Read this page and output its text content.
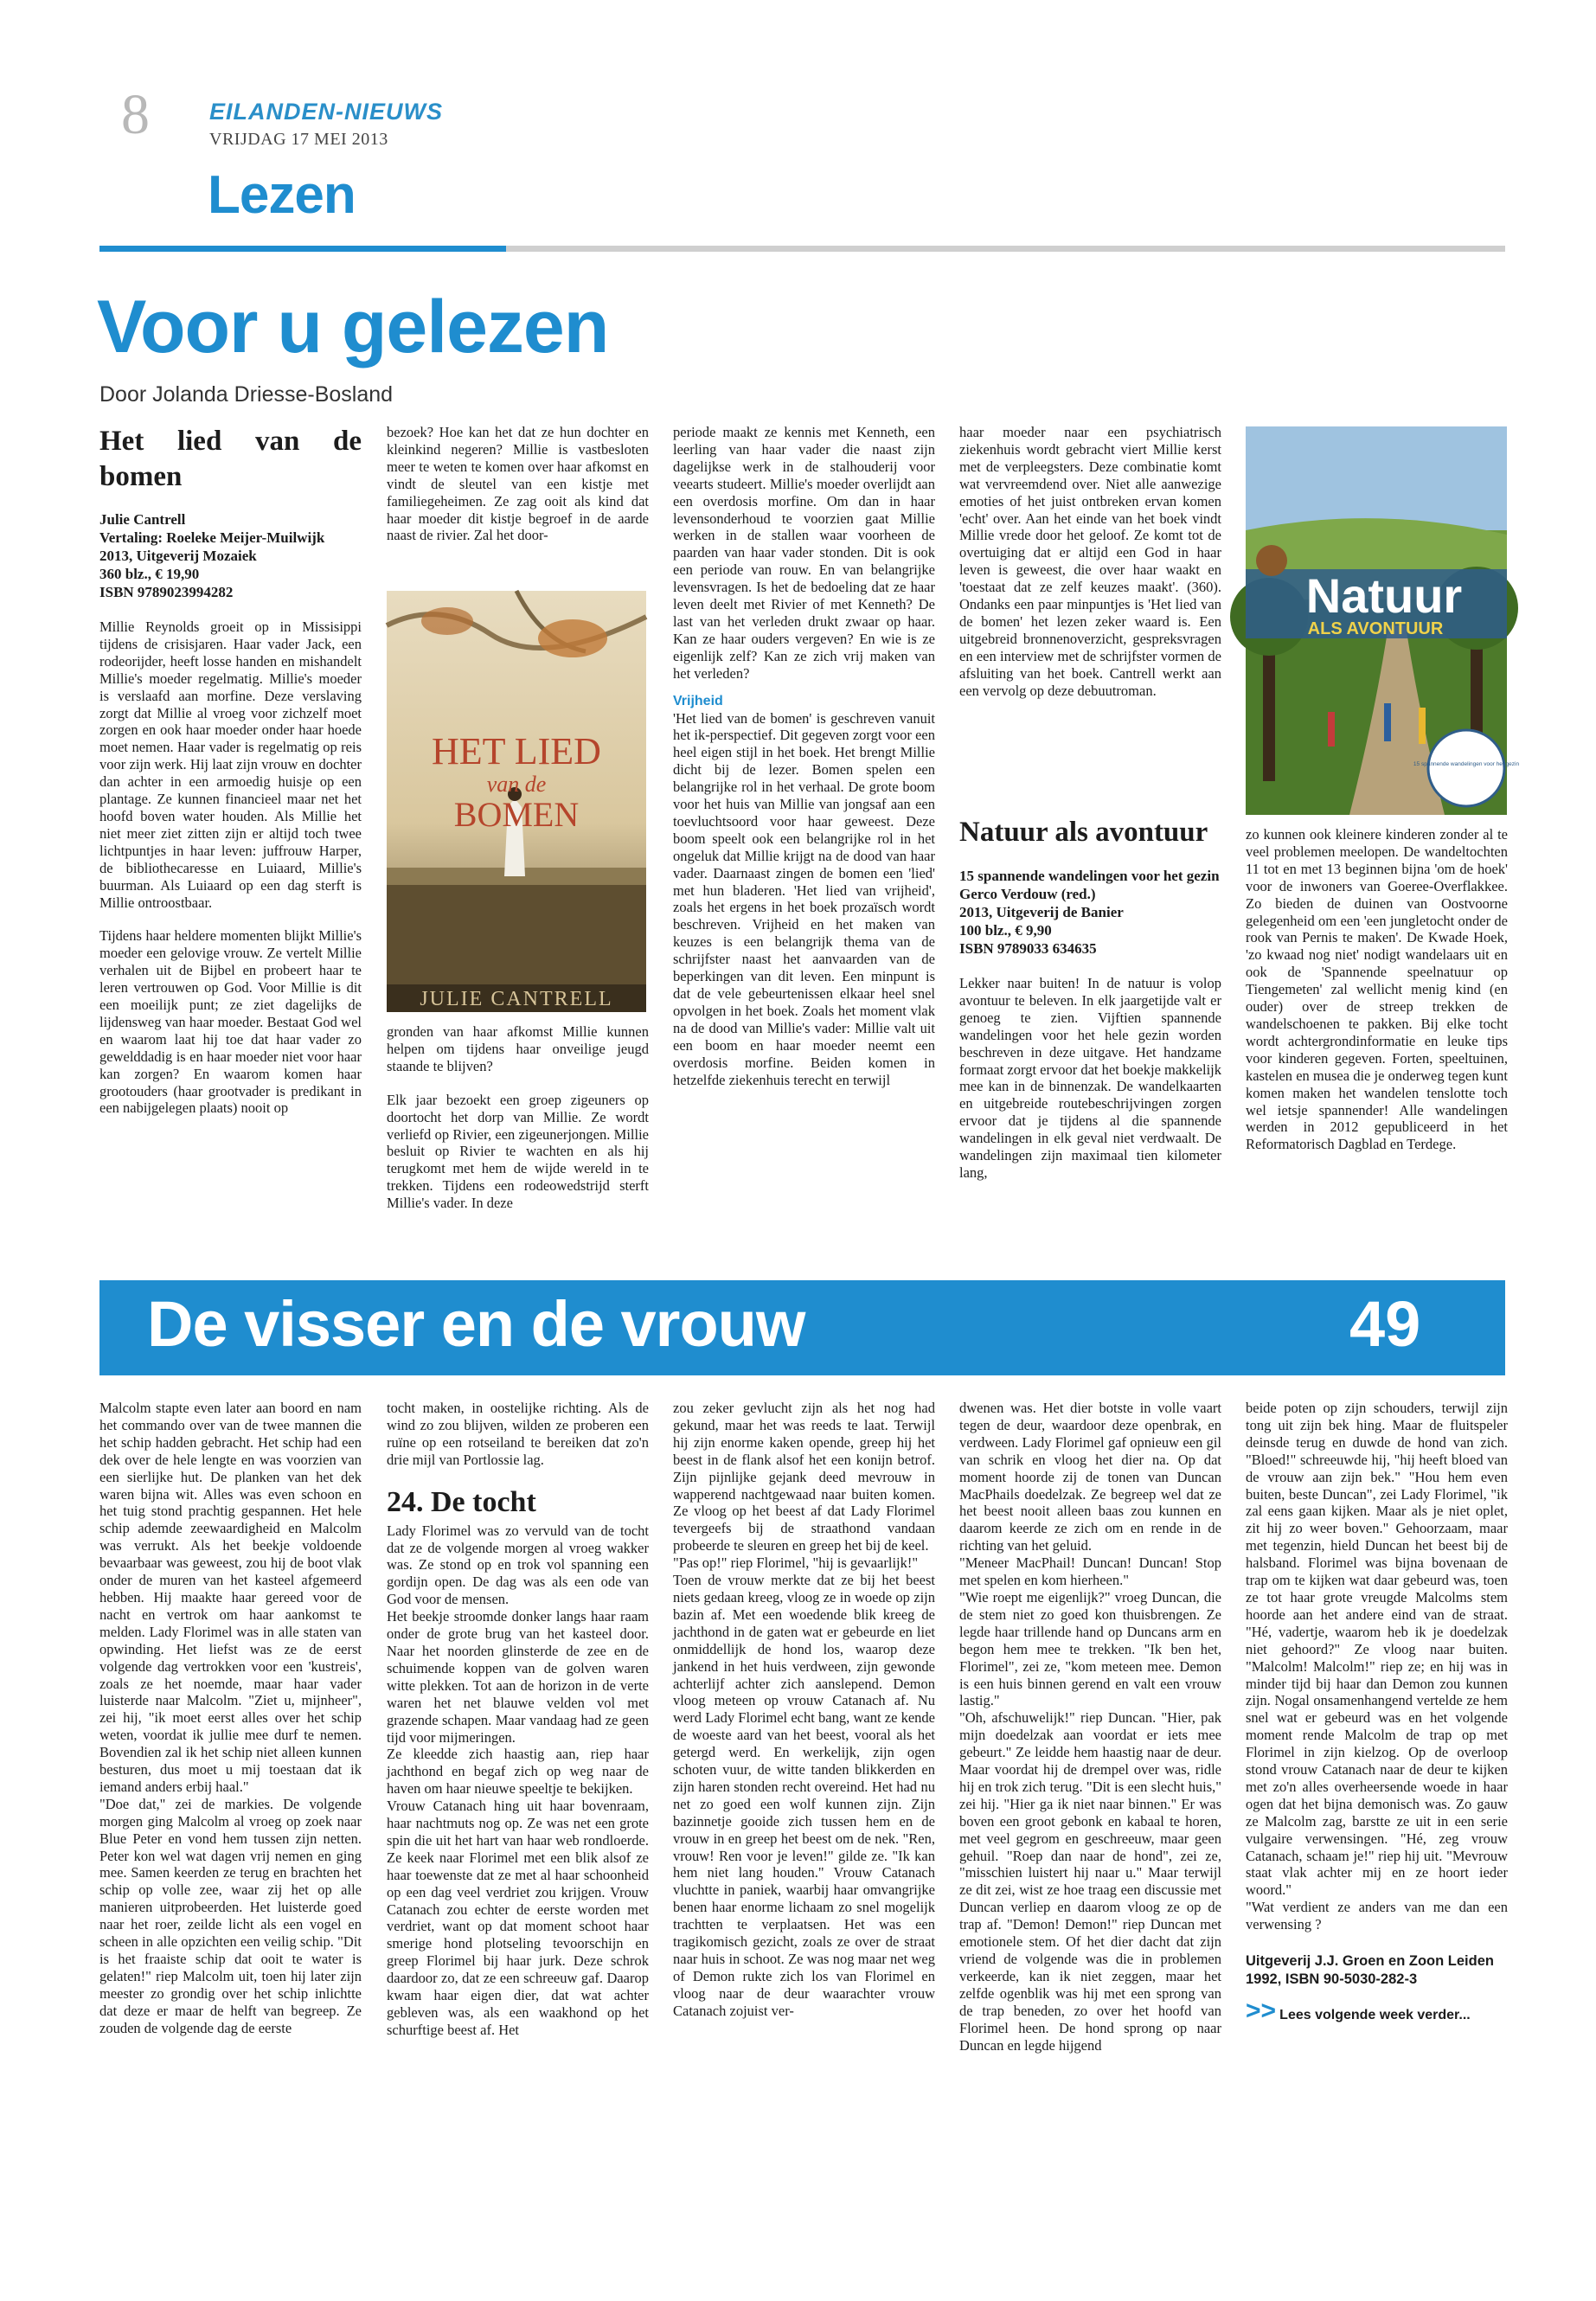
8	EILANDEN-NIEUWS
VRIJDAG 17 MEI 2013
Lezen
Voor u gelezen
Door Jolanda Driesse-Bosland
Het lied van de bomen
Julie Cantrell
Vertaling: Roeleke Meijer-Muilwijk
2013, Uitgeverij Mozaiek
360 blz., € 19,90
ISBN 9789023994282

Millie Reynolds groeit op in Missisippi tijdens de crisisjaren. Haar vader Jack, een rodeorijder, heeft losse handen en mishandelt Millie's moeder regelmatig. Millie's moeder is verslaafd aan morfine. Deze verslaving zorgt dat Millie al vroeg voor zichzelf moet zorgen en ook haar moeder onder haar hoede moet nemen. Haar vader is regelmatig op reis voor zijn werk. Hij laat zijn vrouw en dochter dan achter in een armoedig huisje op een plantage. Ze kunnen financieel maar net het hoofd boven water houden. Als Millie het niet meer ziet zitten zijn er altijd toch twee lichtpuntjes in haar leven: juffrouw Harper, de bibliothecaresse en Luiaard, Millie's buurman. Als Luiaard op een dag sterft is Millie ontroostbaar.

Tijdens haar heldere momenten blijkt Millie's moeder een gelovige vrouw. Ze vertelt Millie verhalen uit de Bijbel en probeert haar te leren vertrouwen op God. Voor Millie is dit een moeilijk punt; ze ziet dagelijks de lijdensweg van haar moeder. Bestaat God wel en waarom laat hij toe dat haar vader zo gewelddadig is en haar moeder niet voor haar kan zorgen? En waarom komen haar grootouders (haar grootvader is predikant in een nabijgelegen plaats) nooit op

bezoek? Hoe kan het dat ze hun dochter en kleinkind negeren? Millie is vastbesloten meer te weten te komen over haar afkomst en vindt de sleutel van een kistje met familiegeheimen. Ze zag ooit als kind dat haar moeder dit kistje begroef in de aarde naast de rivier. Zal het door-

HET LIED
van de
BOMEN
JULIE CANTRELL

gronden van haar afkomst Millie kunnen helpen om tijdens haar onveilige jeugd staande te blijven?

Elk jaar bezoekt een groep zigeuners op doortocht het dorp van Millie. Ze wordt verliefd op Rivier, een zigeunerjongen. Millie besluit op Rivier te wachten en als hij terugkomt met hem de wijde wereld in te trekken. Tijdens een rodeowedstrijd sterft Millie's vader. In deze

periode maakt ze kennis met Kenneth, een leerling van haar vader die naast zijn dagelijkse werk in de stalhouderij voor veearts studeert. Millie's moeder overlijdt aan een overdosis morfine. Om dan in haar levensonderhoud te voorzien gaat Millie werken in de stallen waar voorheen de paarden van haar vader stonden. Dit is ook een periode van rouw. En van belangrijke levensvragen. Is het de bedoeling dat ze haar leven deelt met Rivier of met Kenneth? De last van het verleden drukt zwaar op haar. Kan ze haar ouders vergeven? En wie is ze eigenlijk zelf? Kan ze zich vrij maken van het verleden?

Vrijheid

'Het lied van de bomen' is geschreven vanuit het ik-perspectief. Dit gegeven zorgt voor een heel eigen stijl in het boek. Het brengt Millie dicht bij de lezer. Bomen spelen een belangrijke rol in het verhaal. De grote boom voor het huis van Millie van jongsaf aan een toevluchtsoord voor haar geweest. Deze boom speelt ook een belangrijke rol in het ongeluk dat Millie krijgt na de dood van haar vader. Daarnaast zingen de bomen een 'lied' met hun bladeren. 'Het lied van vrijheid', zoals het ergens in het boek prozaïsch wordt beschreven. Vrijheid en het maken van keuzes is een belangrijk thema van de schrijfster naast het aanvaarden van de beperkingen van dit leven. Een minpunt is dat de vele gebeurtenissen elkaar heel snel opvolgen in het boek. Zoals het moment vlak na de dood van Millie's vader: Millie valt uit een boom en haar moeder neemt een overdosis morfine. Beiden komen in hetzelfde ziekenhuis terecht en terwijl

haar moeder naar een psychiatrisch ziekenhuis wordt gebracht viert Millie kerst met de verpleegsters. Deze combinatie komt wat vervreemdend over. Niet alle aanwezige emoties of het juist ontbreken ervan komen 'echt' over. Aan het einde van het boek vindt Millie vrede door het geloof. Ze komt tot de overtuiging dat er altijd een God in haar leven is geweest, die over haar waakt en 'toestaat dat ze zelf keuzes maakt'. (360). Ondanks een paar minpuntjes is 'Het lied van de bomen' het lezen zeker waard is. Een uitgebreid bronnenoverzicht, gespreksvragen en een interview met de schrijfster vormen de afsluiting van het boek. Cantrell werkt aan een vervolg op deze debuutroman.

Natuur als avontuur
15 spannende wandelingen voor het gezin
Gerco Verdouw (red.)
2013, Uitgeverij de Banier
100 blz., € 9,90
ISBN 9789033 634635

Lekker naar buiten! In de natuur is volop avontuur te beleven. In elk jaargetijde valt er genoeg te zien. Vijftien spannende wandelingen voor het hele gezin worden beschreven in deze uitgave. Het handzame formaat zorgt ervoor dat het boekje makkelijk mee kan in de binnenzak. De wandelkaarten en uitgebreide routebeschrijvingen zorgen ervoor dat je tijdens al die spannende wandelingen in elk geval niet verdwaalt. De wandelingen zijn maximaal tien kilometer lang,

Natuur
ALS AVONTUUR
15 spannende wandelingen voor het gezin

zo kunnen ook kleinere kinderen zonder al te veel problemen meelopen. De wandeltochten 11 tot en met 13 beginnen bijna 'om de hoek' voor de inwoners van Goeree-Overflakkee. Zo bieden de duinen van Oostvoorne gelegenheid om een 'een jungletocht onder de rook van Pernis te maken'. De Kwade Hoek, 'zo kwaad nog niet' nodigt wandelaars uit en ook de 'Spannende speelnatuur op Tiengemeten' zal wellicht menig kind (en ouder) over de streep trekken de wandelschoenen te pakken. Bij elke tocht wordt achtergrondinformatie en leuke tips voor kinderen gegeven. Forten, speeltuinen, kastelen en musea die je onderweg tegen kunt komen maken het wandelen tenslotte toch wel ietsje spannender! Alle wandelingen werden in 2012 gepubliceerd in het Reformatorisch Dagblad en Terdege.

De visser en de vrouw	49

Malcolm stapte even later aan boord en nam het commando over van de twee mannen die het schip hadden gebracht. Het schip had een dek over de hele lengte en was voorzien van een sierlijke hut. De planken van het dek waren bijna wit. Alles was even schoon en het tuig stond prachtig gespannen. Het hele schip ademde zeewaardigheid en Malcolm was verrukt. Als het beekje voldoende bevaarbaar was geweest, zou hij de boot vlak onder de muren van het kasteel afgemeerd hebben. Hij maakte haar gereed voor de nacht en vertrok om haar aankomst te melden. Lady Florimel was in alle staten van opwinding. Het liefst was ze de eerst volgende dag vertrokken voor een 'kustreis', zoals ze het noemde, maar haar vader luisterde naar Malcolm. "Ziet u, mijnheer", zei hij, "ik moet eerst alles over het schip weten, voordat ik jullie mee durf te nemen. Bovendien zal ik het schip niet alleen kunnen besturen, dus moet u mij toestaan dat ik iemand anders erbij haal."

"Doe dat," zei de markies. De volgende morgen ging Malcolm al vroeg op zoek naar Blue Peter en vond hem tussen zijn netten. Peter kon wel wat dagen vrij nemen en ging mee. Samen keerden ze terug en brachten het schip op volle zee, waar zij het op alle manieren uitprobeerden. Het luisterde goed naar het roer, zeilde licht als een vogel en scheen in alle opzichten een veilig schip. "Dit is het fraaiste schip dat ooit te water is gelaten!" riep Malcolm uit, toen hij later zijn meester zo grondig over het schip inlichtte dat deze er maar de helft van begreep. Ze zouden de volgende dag de eerste

tocht maken, in oostelijke richting. Als de wind zo zou blijven, wilden ze proberen een ruïne op een rotseiland te bereiken dat zo'n drie mijl van Portlossie lag.

24. De tocht

Lady Florimel was zo vervuld van de tocht dat ze de volgende morgen al vroeg wakker was. Ze stond op en trok vol spanning een gordijn open. De dag was als een ode van God voor de mensen.

Het beekje stroomde donker langs haar raam onder de grote brug van het kasteel door. Naar het noorden glinsterde de zee en de schuimende koppen van de golven waren witte plekken. Tot aan de horizon in de verte waren het net blauwe velden vol met grazende schapen. Maar vandaag had ze geen tijd voor mijmeringen.

Ze kleedde zich haastig aan, riep haar jachthond en begaf zich op weg naar de haven om haar nieuwe speeltje te bekijken.

Vrouw Catanach hing uit haar bovenraam, haar nachtmuts nog op. Ze was net een grote spin die uit het hart van haar web rondloerde. Ze keek naar Florimel met een blik alsof ze haar toewenste dat ze met al haar schoonheid op een dag veel verdriet zou krijgen. Vrouw Catanach zou echter de eerste worden met verdriet, want op dat moment schoot haar smerige hond plotseling tevoorschijn en greep Florimel bij haar jurk. Deze schrok daardoor zo, dat ze een schreeuw gaf. Daarop kwam haar eigen dier, dat wat achter gebleven was, als een waakhond op het schurftige beest af. Het

zou zeker gevlucht zijn als het nog had gekund, maar het was reeds te laat. Terwijl hij zijn enorme kaken opende, greep hij het beest in de flank alsof het een konijn betrof. Zijn pijnlijke gejank deed mevrouw in wapperend nachtgewaad naar buiten komen. Ze vloog op het beest af dat Lady Florimel tevergeefs bij de straathond vandaan probeerde te sleuren en greep het bij de keel.

"Pas op!" riep Florimel, "hij is gevaarlijk!"

Toen de vrouw merkte dat ze bij het beest niets gedaan kreeg, vloog ze in woede op zijn bazin af. Met een woedende blik kreeg de jachthond in de gaten wat er gebeurde en liet onmiddellijk de hond los, waarop deze jankend in het huis verdween, zijn gewonde achterlijf achter zich aanslepend. Demon vloog meteen op vrouw Catanach af. Nu werd Lady Florimel echt bang, want ze kende de woeste aard van het beest, vooral als het getergd werd. En werkelijk, zijn ogen schoten vuur, de witte tanden blikkerden en zijn haren stonden recht overeind. Het had nu net zo goed een wolf kunnen zijn. Zijn bazinnetje gooide zich tussen hem en de vrouw in en greep het beest om de nek. "Ren, vrouw! Ren voor je leven!" gilde ze. "Ik kan hem niet lang houden." Vrouw Catanach vluchtte in paniek, waarbij haar omvangrijke benen haar enorme lichaam zo snel mogelijk trachtten te verplaatsen. Het was een tragikomisch gezicht, zoals ze over de straat naar huis in schoot. Ze was nog maar net weg of Demon rukte zich los van Florimel en vloog naar de deur waarachter vrouw Catanach zojuist ver-

dwenen was. Het dier botste in volle vaart tegen de deur, waardoor deze openbrak, en verdween. Lady Florimel gaf opnieuw een gil van schrik en vloog het dier na. Op dat moment hoorde zij de tonen van Duncan MacPhails doedelzak. Ze begreep wel dat ze het beest nooit alleen baas zou kunnen en daarom keerde ze zich om en rende in de richting van het geluid.

"Meneer MacPhail! Duncan! Duncan! Stop met spelen en kom hierheen."

"Wie roept me eigenlijk?" vroeg Duncan, die de stem niet zo goed kon thuisbrengen. Ze legde haar trillende hand op Duncans arm en begon hem mee te trekken. "Ik ben het, Florimel", zei ze, "kom meteen mee. Demon is een huis binnen gerend en valt een vrouw lastig."

"Oh, afschuwelijk!" riep Duncan. "Hier, pak mijn doedelzak aan voordat er iets mee gebeurt." Ze leidde hem haastig naar de deur. Maar voordat hij de drempel over was, ridle hij en trok zich terug. "Dit is een slecht huis," zei hij. "Hier ga ik niet naar binnen." Er was boven een groot gebonk en kabaal te horen, met veel gegrom en geschreeuw, maar geen gehuil. "Roep dan naar de hond", zei ze, "misschien luistert hij naar u." Maar terwijl ze dit zei, wist ze hoe traag een discussie met Duncan verliep en daarom vloog ze op de trap af. "Demon! Demon!" riep Duncan met emotionele stem. Of het dier dacht dat zijn vriend de volgende was die in problemen verkeerde, kan ik niet zeggen, maar het zelfde ogenblik was hij met een sprong van de trap beneden, zo over het hoofd van Florimel heen. De hond sprong op naar Duncan en legde hijgend

beide poten op zijn schouders, terwijl zijn tong uit zijn bek hing. Maar de fluitspeler deinsde terug en duwde de hond van zich. "Bloed!" schreeuwde hij, "hij heeft bloed van de vrouw aan zijn bek." "Hou hem even buiten, beste Duncan", zei Lady Florimel, "ik zal eens gaan kijken. Maar als je niet oplet, zit hij zo weer boven." Gehoorzaam, maar met tegenzin, hield Duncan het beest bij de halsband. Florimel was bijna bovenaan de trap om te kijken wat daar gebeurd was, toen ze tot haar grote vreugde Malcolms stem hoorde aan het andere eind van de straat. "Hé, vadertje, waarom heb ik je doedelzak niet gehoord?" Ze vloog naar buiten. "Malcolm! Malcolm!" riep ze; en hij was in minder tijd bij haar dan Demon zou kunnen zijn. Nogal onsamenhangend vertelde ze hem snel wat er gebeurd was en het volgende moment rende Malcolm de trap op met Florimel in zijn kielzog. Op de overloop stond vrouw Catanach naar de deur te kijken met zo'n alles overheersende woede in haar ogen dat het bijna demonisch was. Zo gauw ze Malcolm zag, barstte ze uit in een serie vulgaire verwensingen. "Hé, zeg vrouw Catanach, schaam je!" riep hij uit. "Mevrouw staat vlak achter mij en ze hoort ieder woord."

"Wat verdient ze anders van me dan een verwensing ?

Uitgeverij J.J. Groen en Zoon Leiden
1992, ISBN 90-5030-282-3
>> Lees volgende week verder...
